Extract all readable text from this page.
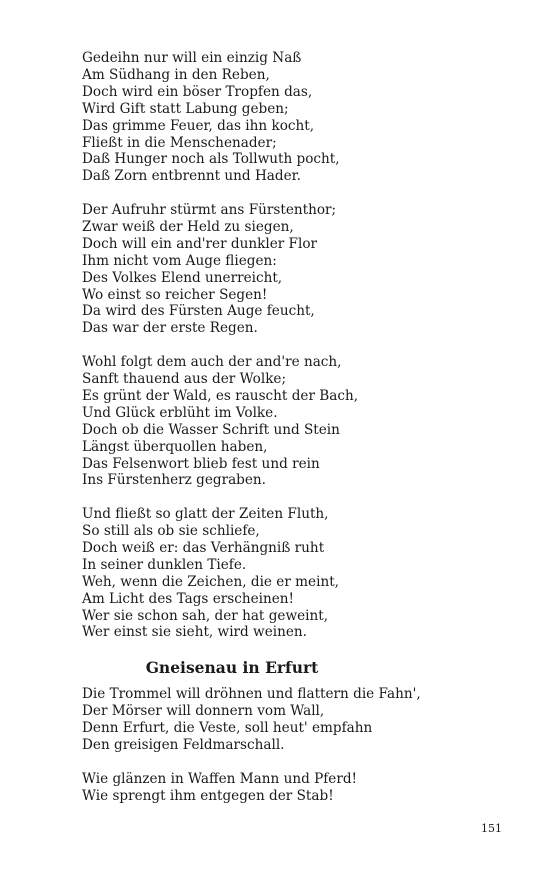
Gedeihn nur will ein einzig Naß
Am Südhang in den Reben,
Doch wird ein böser Tropfen das,
Wird Gift statt Labung geben;
Das grimme Feuer, das ihn kocht,
Fließt in die Menschenader;
Daß Hunger noch als Tollwuth pocht,
Daß Zorn entbrennt und Hader.
Der Aufruhr stürmt ans Fürstenthor;
Zwar weiß der Held zu siegen,
Doch will ein and'rer dunkler Flor
Ihm nicht vom Auge fliegen:
Des Volkes Elend unerreicht,
Wo einst so reicher Segen!
Da wird des Fürsten Auge feucht,
Das war der erste Regen.
Wohl folgt dem auch der and're nach,
Sanft thauend aus der Wolke;
Es grünt der Wald, es rauscht der Bach,
Und Glück erblüht im Volke.
Doch ob die Wasser Schrift und Stein
Längst überquollen haben,
Das Felsenwort blieb fest und rein
Ins Fürstenherz gegraben.
Und fließt so glatt der Zeiten Fluth,
So still als ob sie schliefe,
Doch weiß er: das Verhängniß ruht
In seiner dunklen Tiefe.
Weh, wenn die Zeichen, die er meint,
Am Licht des Tags erscheinen!
Wer sie schon sah, der hat geweint,
Wer einst sie sieht, wird weinen.
Gneisenau in Erfurt
Die Trommel will dröhnen und flattern die Fahn',
Der Mörser will donnern vom Wall,
Denn Erfurt, die Veste, soll heut' empfahn
Den greisigen Feldmarschall.
Wie glänzen in Waffen Mann und Pferd!
Wie sprengt ihm entgegen der Stab!
151
